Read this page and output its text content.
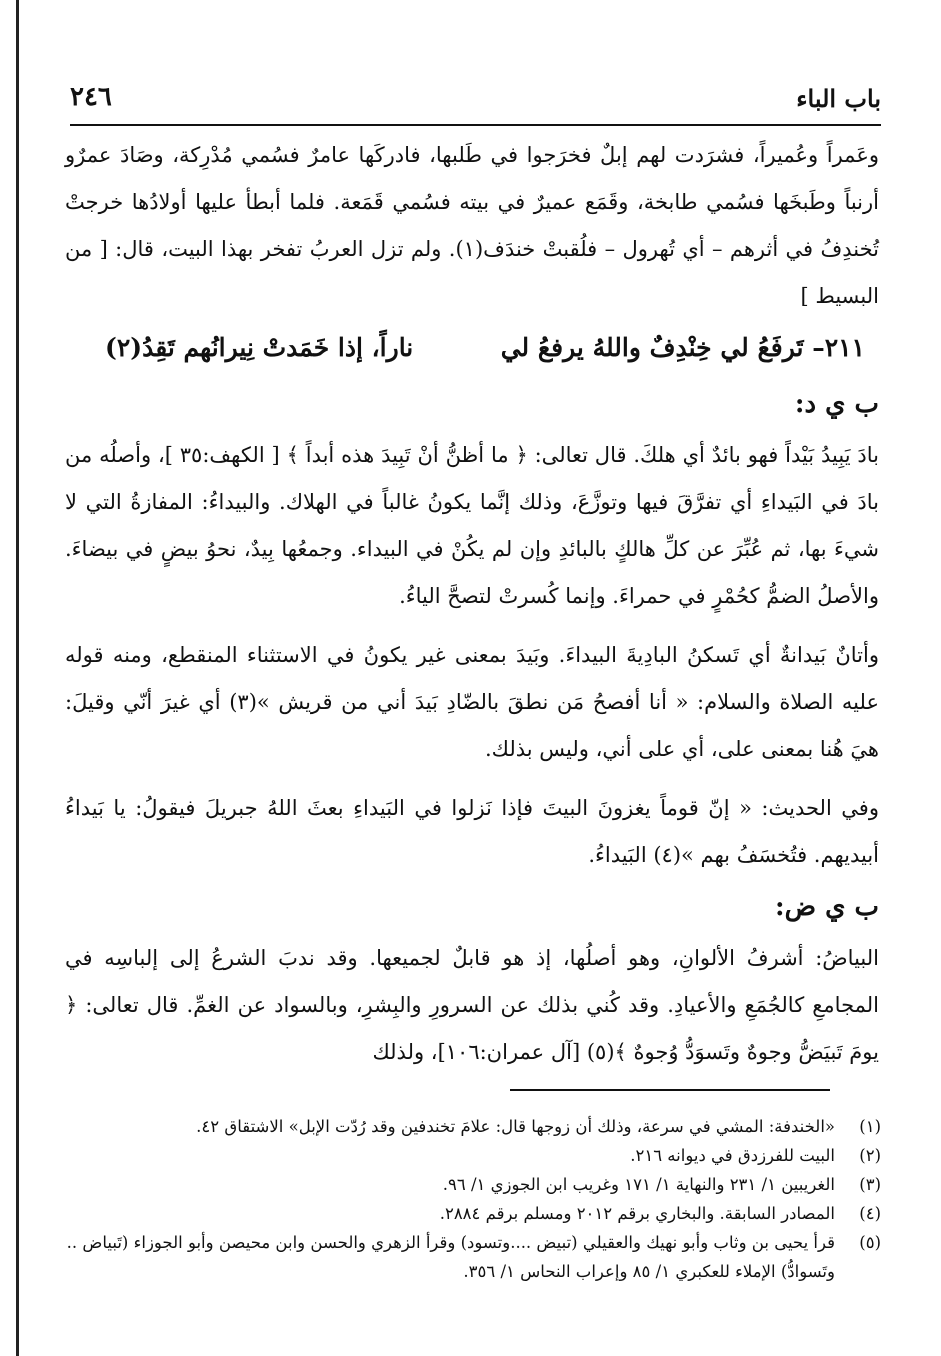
باب الباء
٢٤٦

وعَمراً وعُميراً، فشرَدت لهم إبلٌ فخرَجوا في طَلبها، فادركَها عامرٌ فسُمي مُدْرِكة، وصَادَ عمرٌو أرنباً وطَبخَها فسُمي طابخة، وقَمَع عميرٌ في بيته فسُمي قَمَعة. فلما أبطأ عليها أولادُها خرجتْ تُخندِفُ في أثرهم – أي تُهرول – فلُقبتْ خندَف(١). ولم تزل العربُ تفخر بهذا البيت، قال: [ من البسيط ]

٢١١– تَرفَعُ لي خِنْدِفٌ واللهُ يرفعُ لي
ناراً، إذا خَمَدتْ نِيرانُهم تَقِدُ(٢)
ب ي د:

بادَ يَبِيدُ بَيْداً فهو بائدٌ أي هلكَ. قال تعالى: ﴿ ما أظنُّ أنْ تَبِيدَ هذه أبداً ﴾ [ الكهف:٣٥ ]، وأصلُه من بادَ في البَيداءِ أي تفرَّقَ فيها وتوزَّعَ، وذلك إنَّما يكونُ غالباً في الهلاك. والبيداءُ: المفازةُ التي لا شيءَ بها، ثم عُبِّرَ عن كلِّ هالكٍ بالبائدِ وإن لم يكُنْ في البيداء. وجمعُها بِيدٌ، نحوُ بيضٍ في بيضاءَ. والأصلُ الضمُّ كحُمْرٍ في حمراءَ. وإنما كُسرتْ لتصحَّ الياءُ.

وأتانٌ بَيدانةٌ أي تَسكنُ البادِيةَ البيداءَ. وبَيدَ بمعنى غير يكونُ في الاستثناء المنقطع، ومنه قوله عليه الصلاة والسلام: « أنا أفصحُ مَن نطقَ بالضّادِ بَيدَ أني من قريش »(٣) أي غيرَ أنّي وقيلَ: هيَ هُنا بمعنى على، أي على أني، وليس بذلك.

وفي الحديث: « إنّ قوماً يغزونَ البيتَ فإذا نَزلوا في البَيداءِ بعثَ اللهُ جبريلَ فيقولُ: يا بَيداءُ أبيديهم. فتُخسَفُ بهم »(٤) البَيداءُ.

ب ي ض:

البياضُ: أشرفُ الألوانِ، وهو أصلُها، إذ هو قابلٌ لجميعها. وقد ندبَ الشرعُ إلى إلباسِه في المجامعِ كالجُمَعِ والأعيادِ. وقد كُني بذلك عن السرورِ والبِشرِ، وبالسواد عن الغمِّ. قال تعالى: ﴿ يومَ تَبيَضُّ وجوهٌ وتَسوَدُّ وُجوهٌ ﴾(٥) [آل عمران:١٠٦]، ولذلك

(١)
«الخندفة: المشي في سرعة، وذلك أن زوجها قال: علامَ تخندفين وقد رُدّت الإبل» الاشتقاق ٤٢.
(٢)
البيت للفرزدق في ديوانه ٢١٦.
(٣)
الغريبين ١/ ٢٣١ والنهاية ١/ ١٧١ وغريب ابن الجوزي ١/ ٩٦.
(٤)
المصادر السابقة. والبخاري برقم ٢٠١٢ ومسلم برقم ٢٨٨٤.
(٥)
قرأ يحيى بن وثاب وأبو نهيك والعقيلي (تبيض ....وتسود) وقرأ الزهري والحسن وابن محيصن وأبو الجوزاء (تَبياض .. وتَسوادُّ) الإملاء للعكبري ١/ ٨٥ وإعراب النحاس ١/ ٣٥٦.
